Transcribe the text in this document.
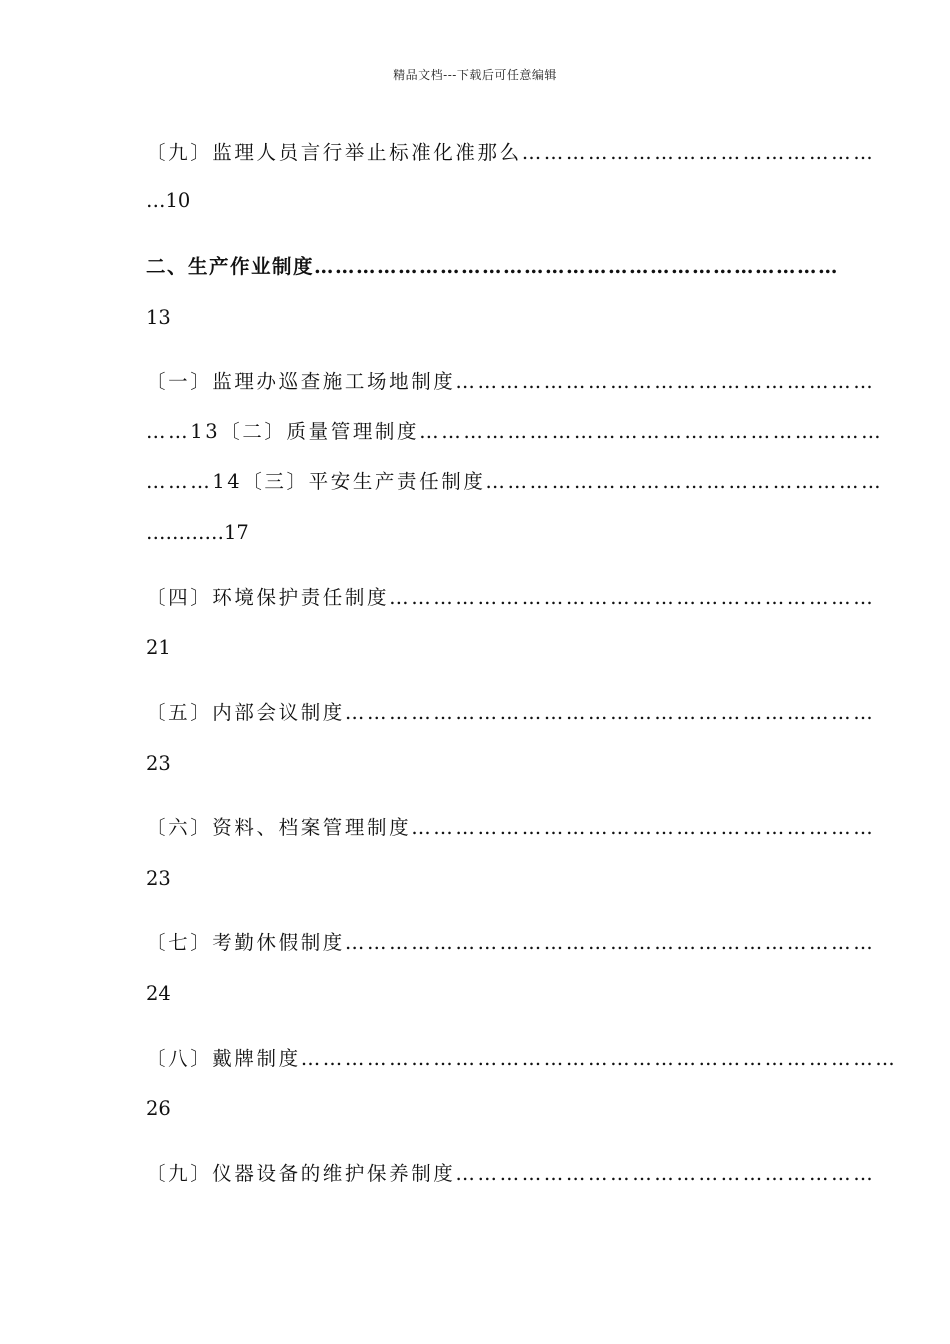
精品文档---下载后可任意编辑
〔九〕监理人员言行举止标准化准那么…………………………………………
…10
二、生产作业制度…………………………………………………………………
13
〔一〕监理办巡查施工场地制度…………………………………………………
……13〔二〕质量管理制度………………………………………………………
………14〔三〕平安生产责任制度………………………………………………
…………17
〔四〕环境保护责任制度…………………………………………………………
21
〔五〕内部会议制度………………………………………………………………
23
〔六〕资料、档案管理制度………………………………………………………
23
〔七〕考勤休假制度………………………………………………………………
24
〔八〕戴牌制度………………………………………………………………………
26
〔九〕仪器设备的维护保养制度…………………………………………………
